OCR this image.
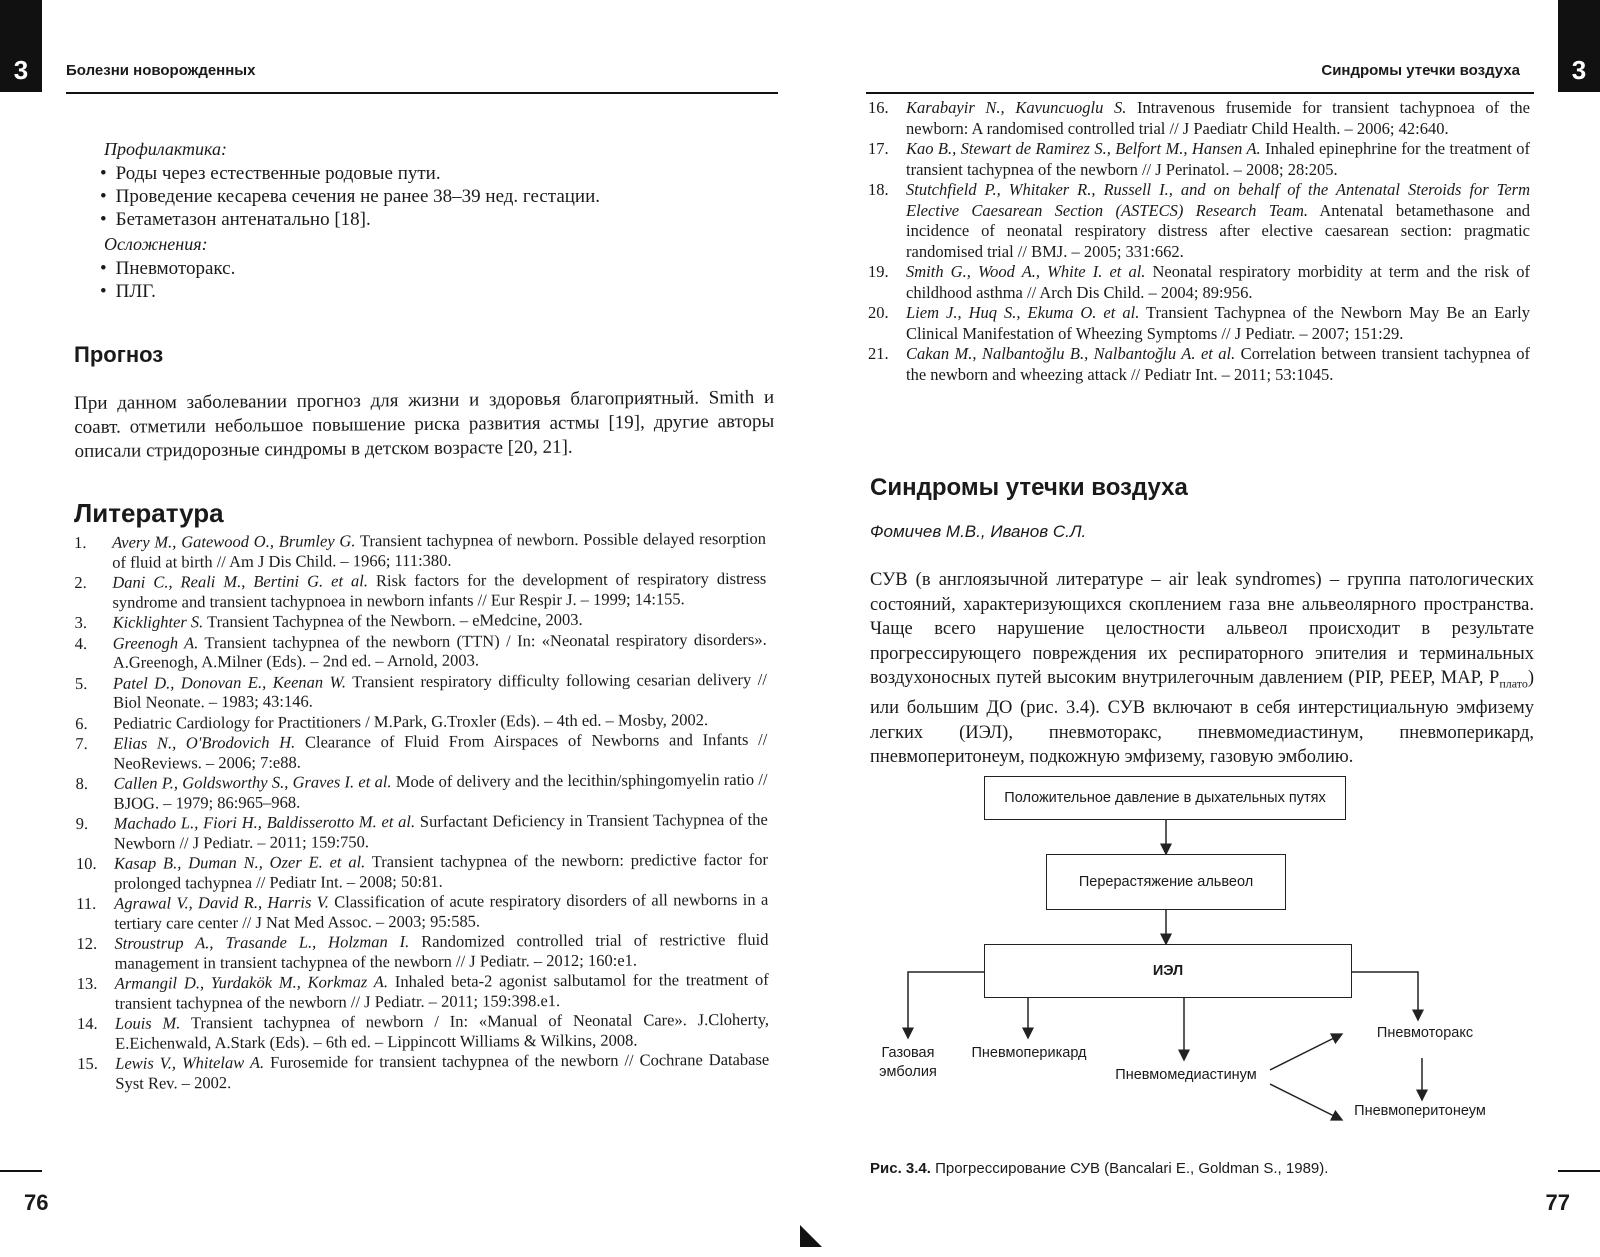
3	Болезни новорожденных

Профилактика:

• Роды через естественные родовые пути.
• Проведение кесарева сечения не ранее 38–39 нед. гестации.
• Бетаметазон антенатально [18].

Осложнения:

• Пневмоторакс.
• ПЛГ.
Прогноз

При данном заболевании прогноз для жизни и здоровья благоприятный. Smith и соавт. отметили небольшое повышение риска развития астмы [19], другие авторы описали стридорозные синдромы в детском возрасте [20, 21].

Литература
1. Avery M., Gatewood O., Brumley G. Transient tachypnea of newborn. Possible delayed resorption of fluid at birth // Am J Dis Child. – 1966; 111:380.
2. Dani C., Reali M., Bertini G. et al. Risk factors for the development of respiratory distress syndrome and transient tachypnoea in newborn infants // Eur Respir J. – 1999; 14:155.
3. Kicklighter S. Transient Tachypnea of the Newborn. – eMedcine, 2003.
4. Greenogh A. Transient tachypnea of the newborn (TTN) / In: «Neonatal respiratory disorders». A.Greenogh, A.Milner (Eds). – 2nd ed. – Arnold, 2003.
5. Patel D., Donovan E., Keenan W. Transient respiratory difficulty following cesarian delivery // Biol Neonate. – 1983; 43:146.
6. Pediatric Cardiology for Practitioners / M.Park, G.Troxler (Eds). – 4th ed. – Mosby, 2002.
7. Elias N., O'Brodovich H. Clearance of Fluid From Airspaces of Newborns and Infants // NeoReviews. – 2006; 7:e88.
8. Callen P., Goldsworthy S., Graves I. et al. Mode of delivery and the lecithin/sphingomyelin ratio // BJOG. – 1979; 86:965–968.
9. Machado L., Fiori H., Baldisserotto M. et al. Surfactant Deficiency in Transient Tachypnea of the Newborn // J Pediatr. – 2011; 159:750.
10. Kasap B., Duman N., Ozer E. et al. Transient tachypnea of the newborn: predictive factor for prolonged tachypnea // Pediatr Int. – 2008; 50:81.
11. Agrawal V., David R., Harris V. Classification of acute respiratory disorders of all newborns in a tertiary care center // J Nat Med Assoc. – 2003; 95:585.
12. Stroustrup A., Trasande L., Holzman I. Randomized controlled trial of restrictive fluid management in transient tachypnea of the newborn // J Pediatr. – 2012; 160:e1.
13. Armangil D., Yurdakök M., Korkmaz A. Inhaled beta-2 agonist salbutamol for the treatment of transient tachypnea of the newborn // J Pediatr. – 2011; 159:398.e1.
14. Louis M. Transient tachypnea of newborn / In: «Manual of Neonatal Care». J.Cloherty, E.Eichenwald, A.Stark (Eds). – 6th ed. – Lippincott Williams & Wilkins, 2008.
15. Lewis V., Whitelaw A. Furosemide for transient tachypnea of the newborn // Cochrane Database Syst Rev. – 2002.
76
3
Синдромы утечки воздуха
16. Karabayir N., Kavuncuoglu S. Intravenous frusemide for transient tachypnoea of the newborn: A randomised controlled trial // J Paediatr Child Health. – 2006; 42:640.
17. Kao B., Stewart de Ramirez S., Belfort M., Hansen A. Inhaled epinephrine for the treatment of transient tachypnea of the newborn // J Perinatol. – 2008; 28:205.
18. Stutchfield P., Whitaker R., Russell I., and on behalf of the Antenatal Steroids for Term Elective Caesarean Section (ASTECS) Research Team. Antenatal betamethasone and incidence of neonatal respiratory distress after elective caesarean section: pragmatic randomised trial // BMJ. – 2005; 331:662.
19. Smith G., Wood A., White I. et al. Neonatal respiratory morbidity at term and the risk of childhood asthma // Arch Dis Child. – 2004; 89:956.
20. Liem J., Huq S., Ekuma O. et al. Transient Tachypnea of the Newborn May Be an Early Clinical Manifestation of Wheezing Symptoms // J Pediatr. – 2007; 151:29.
21. Cakan M., Nalbantoğlu B., Nalbantoğlu A. et al. Correlation between transient tachypnea of the newborn and wheezing attack // Pediatr Int. – 2011; 53:1045.
Синдромы утечки воздуха
Фомичев М.В., Иванов С.Л.

СУВ (в англоязычной литературе – air leak syndromes) – группа патологических состояний, характеризующихся скоплением газа вне альвеолярного пространства. Чаще всего нарушение целостности альвеол происходит в результате прогрессирующего повреждения их респираторного эпителия и терминальных воздухоносных путей высоким внутрилегочным давлением (PIP, PEEP, MAP, $P_{плато}$) или большим ДО (рис. 3.4). СУВ включают в себя интерстициальную эмфизему легких (ИЭЛ), пневмоторакс, пневмомедиастинум, пневмоперикард, пневмоперитонеум, подкожную эмфизему, газовую эмболию.

Положительное давление в дыхательных путях
Перерастяжение альвеол
ИЭЛ
Газовая
эмболия
Пневмоперикард
Пневмомедиастинум
Пневмоторакс
Пневмоперитонеум
Рис. 3.4. Прогрессирование СУВ (Bancalari E., Goldman S., 1989).
77
